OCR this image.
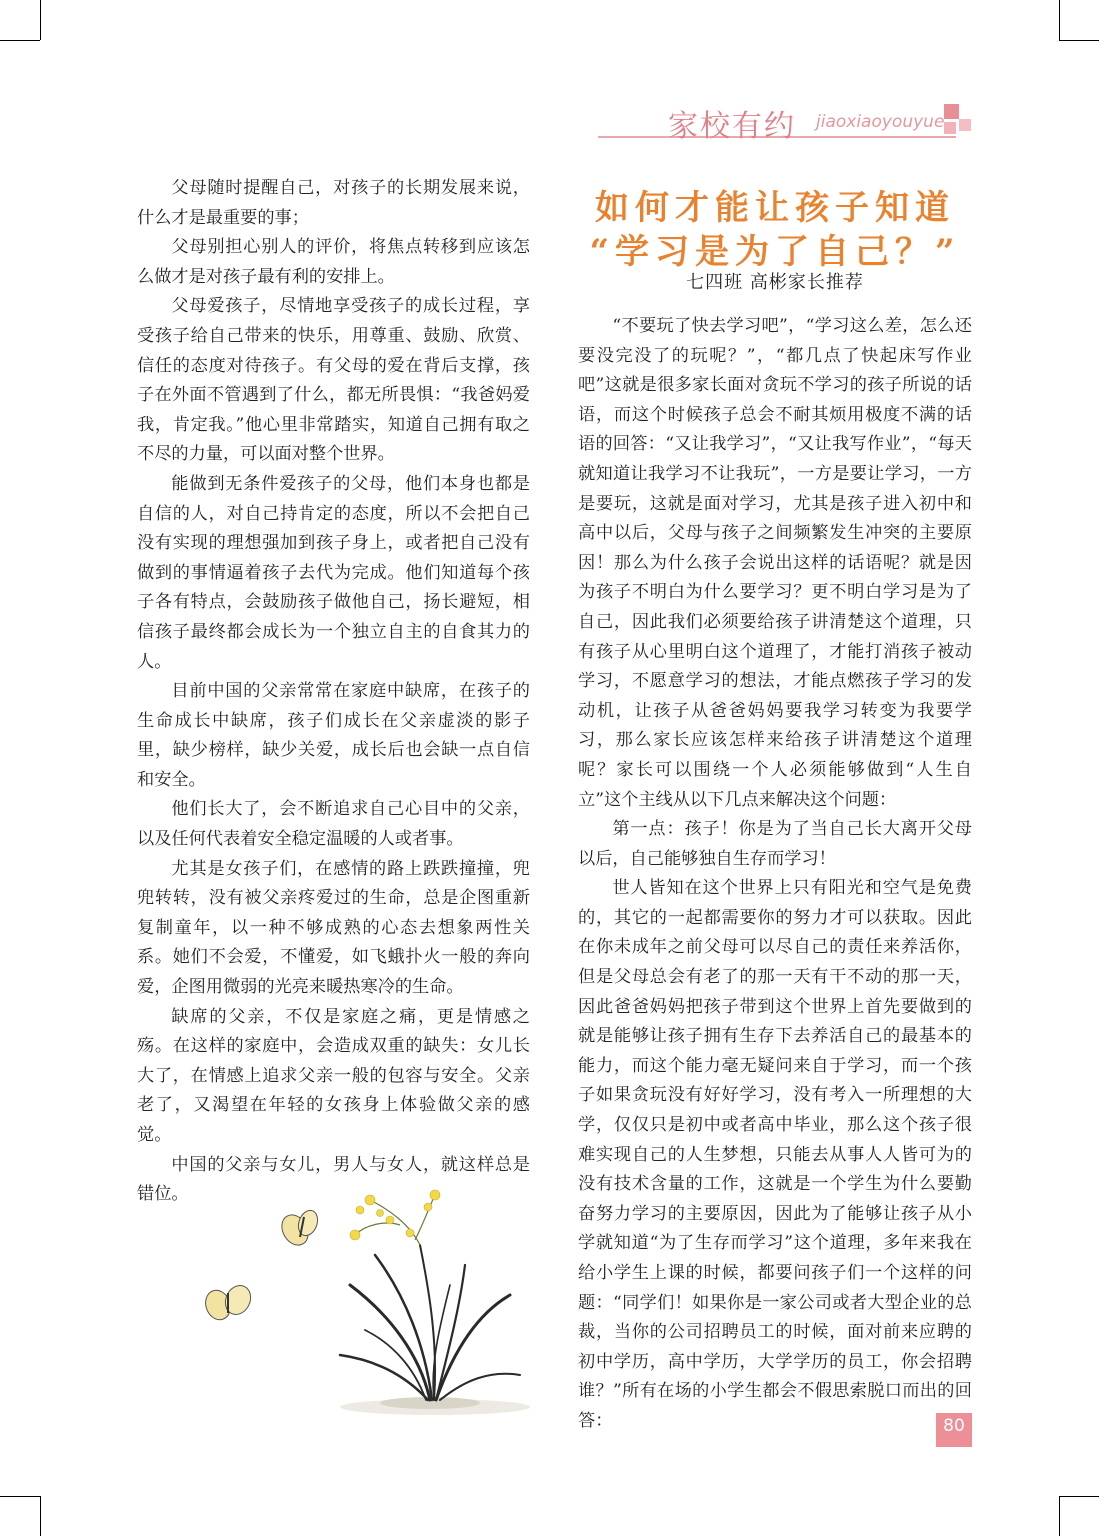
家校有约 jiaoxiaoyouyue

父母随时提醒自己，对孩子的长期发展来说，什么才是最重要的事；

父母别担心别人的评价，将焦点转移到应该怎么做才是对孩子最有利的安排上。

父母爱孩子，尽情地享受孩子的成长过程，享受孩子给自己带来的快乐，用尊重、鼓励、欣赏、信任的态度对待孩子。有父母的爱在背后支撑，孩子在外面不管遇到了什么，都无所畏惧：“我爸妈爱我，肯定我。”他心里非常踏实，知道自己拥有取之不尽的力量，可以面对整个世界。

能做到无条件爱孩子的父母，他们本身也都是自信的人，对自己持肯定的态度，所以不会把自己没有实现的理想强加到孩子身上，或者把自己没有做到的事情逼着孩子去代为完成。他们知道每个孩子各有特点，会鼓励孩子做他自己，扬长避短，相信孩子最终都会成长为一个独立自主的自食其力的人。

目前中国的父亲常常在家庭中缺席，在孩子的生命成长中缺席，孩子们成长在父亲虚淡的影子里，缺少榜样，缺少关爱，成长后也会缺一点自信和安全。

他们长大了，会不断追求自己心目中的父亲，以及任何代表着安全稳定温暖的人或者事。

尤其是女孩子们，在感情的路上跌跌撞撞，兜兜转转，没有被父亲疼爱过的生命，总是企图重新复制童年，以一种不够成熟的心态去想象两性关系。她们不会爱，不懂爱，如飞蛾扑火一般的奔向爱，企图用微弱的光亮来暖热寒冷的生命。

缺席的父亲，不仅是家庭之痛，更是情感之殇。在这样的家庭中，会造成双重的缺失：女儿长大了，在情感上追求父亲一般的包容与安全。父亲老了，又渴望在年轻的女孩身上体验做父亲的感觉。

中国的父亲与女儿，男人与女人，就这样总是错位。

如何才能让孩子知道
“学习是为了自己？”
七四班 高彬家长推荐

“不要玩了快去学习吧”，“学习这么差，怎么还要没完没了的玩呢？”，“都几点了快起床写作业吧”这就是很多家长面对贪玩不学习的孩子所说的话语，而这个时候孩子总会不耐其烦用极度不满的话语的回答：“又让我学习”，“又让我写作业”，“每天就知道让我学习不让我玩”，一方是要让学习，一方是要玩，这就是面对学习，尤其是孩子进入初中和高中以后，父母与孩子之间频繁发生冲突的主要原因！那么为什么孩子会说出这样的话语呢？就是因为孩子不明白为什么要学习？更不明白学习是为了自己，因此我们必须要给孩子讲清楚这个道理，只有孩子从心里明白这个道理了，才能打消孩子被动学习，不愿意学习的想法，才能点燃孩子学习的发动机，让孩子从爸爸妈妈要我学习转变为我要学习，那么家长应该怎样来给孩子讲清楚这个道理呢？家长可以围绕一个人必须能够做到“人生自立”这个主线从以下几点来解决这个问题：

第一点：孩子！你是为了当自己长大离开父母以后，自己能够独自生存而学习！

世人皆知在这个世界上只有阳光和空气是免费的，其它的一起都需要你的努力才可以获取。因此在你未成年之前父母可以尽自己的责任来养活你，但是父母总会有老了的那一天有干不动的那一天，因此爸爸妈妈把孩子带到这个世界上首先要做到的就是能够让孩子拥有生存下去养活自己的最基本的能力，而这个能力毫无疑问来自于学习，而一个孩子如果贪玩没有好好学习，没有考入一所理想的大学，仅仅只是初中或者高中毕业，那么这个孩子很难实现自己的人生梦想，只能去从事人人皆可为的没有技术含量的工作，这就是一个学生为什么要勤奋努力学习的主要原因，因此为了能够让孩子从小学就知道“为了生存而学习”这个道理，多年来我在给小学生上课的时候，都要问孩子们一个这样的问题：“同学们！如果你是一家公司或者大型企业的总裁，当你的公司招聘员工的时候，面对前来应聘的初中学历，高中学历，大学学历的员工，你会招聘谁？”所有在场的小学生都会不假思索脱口而出的回答：	80
